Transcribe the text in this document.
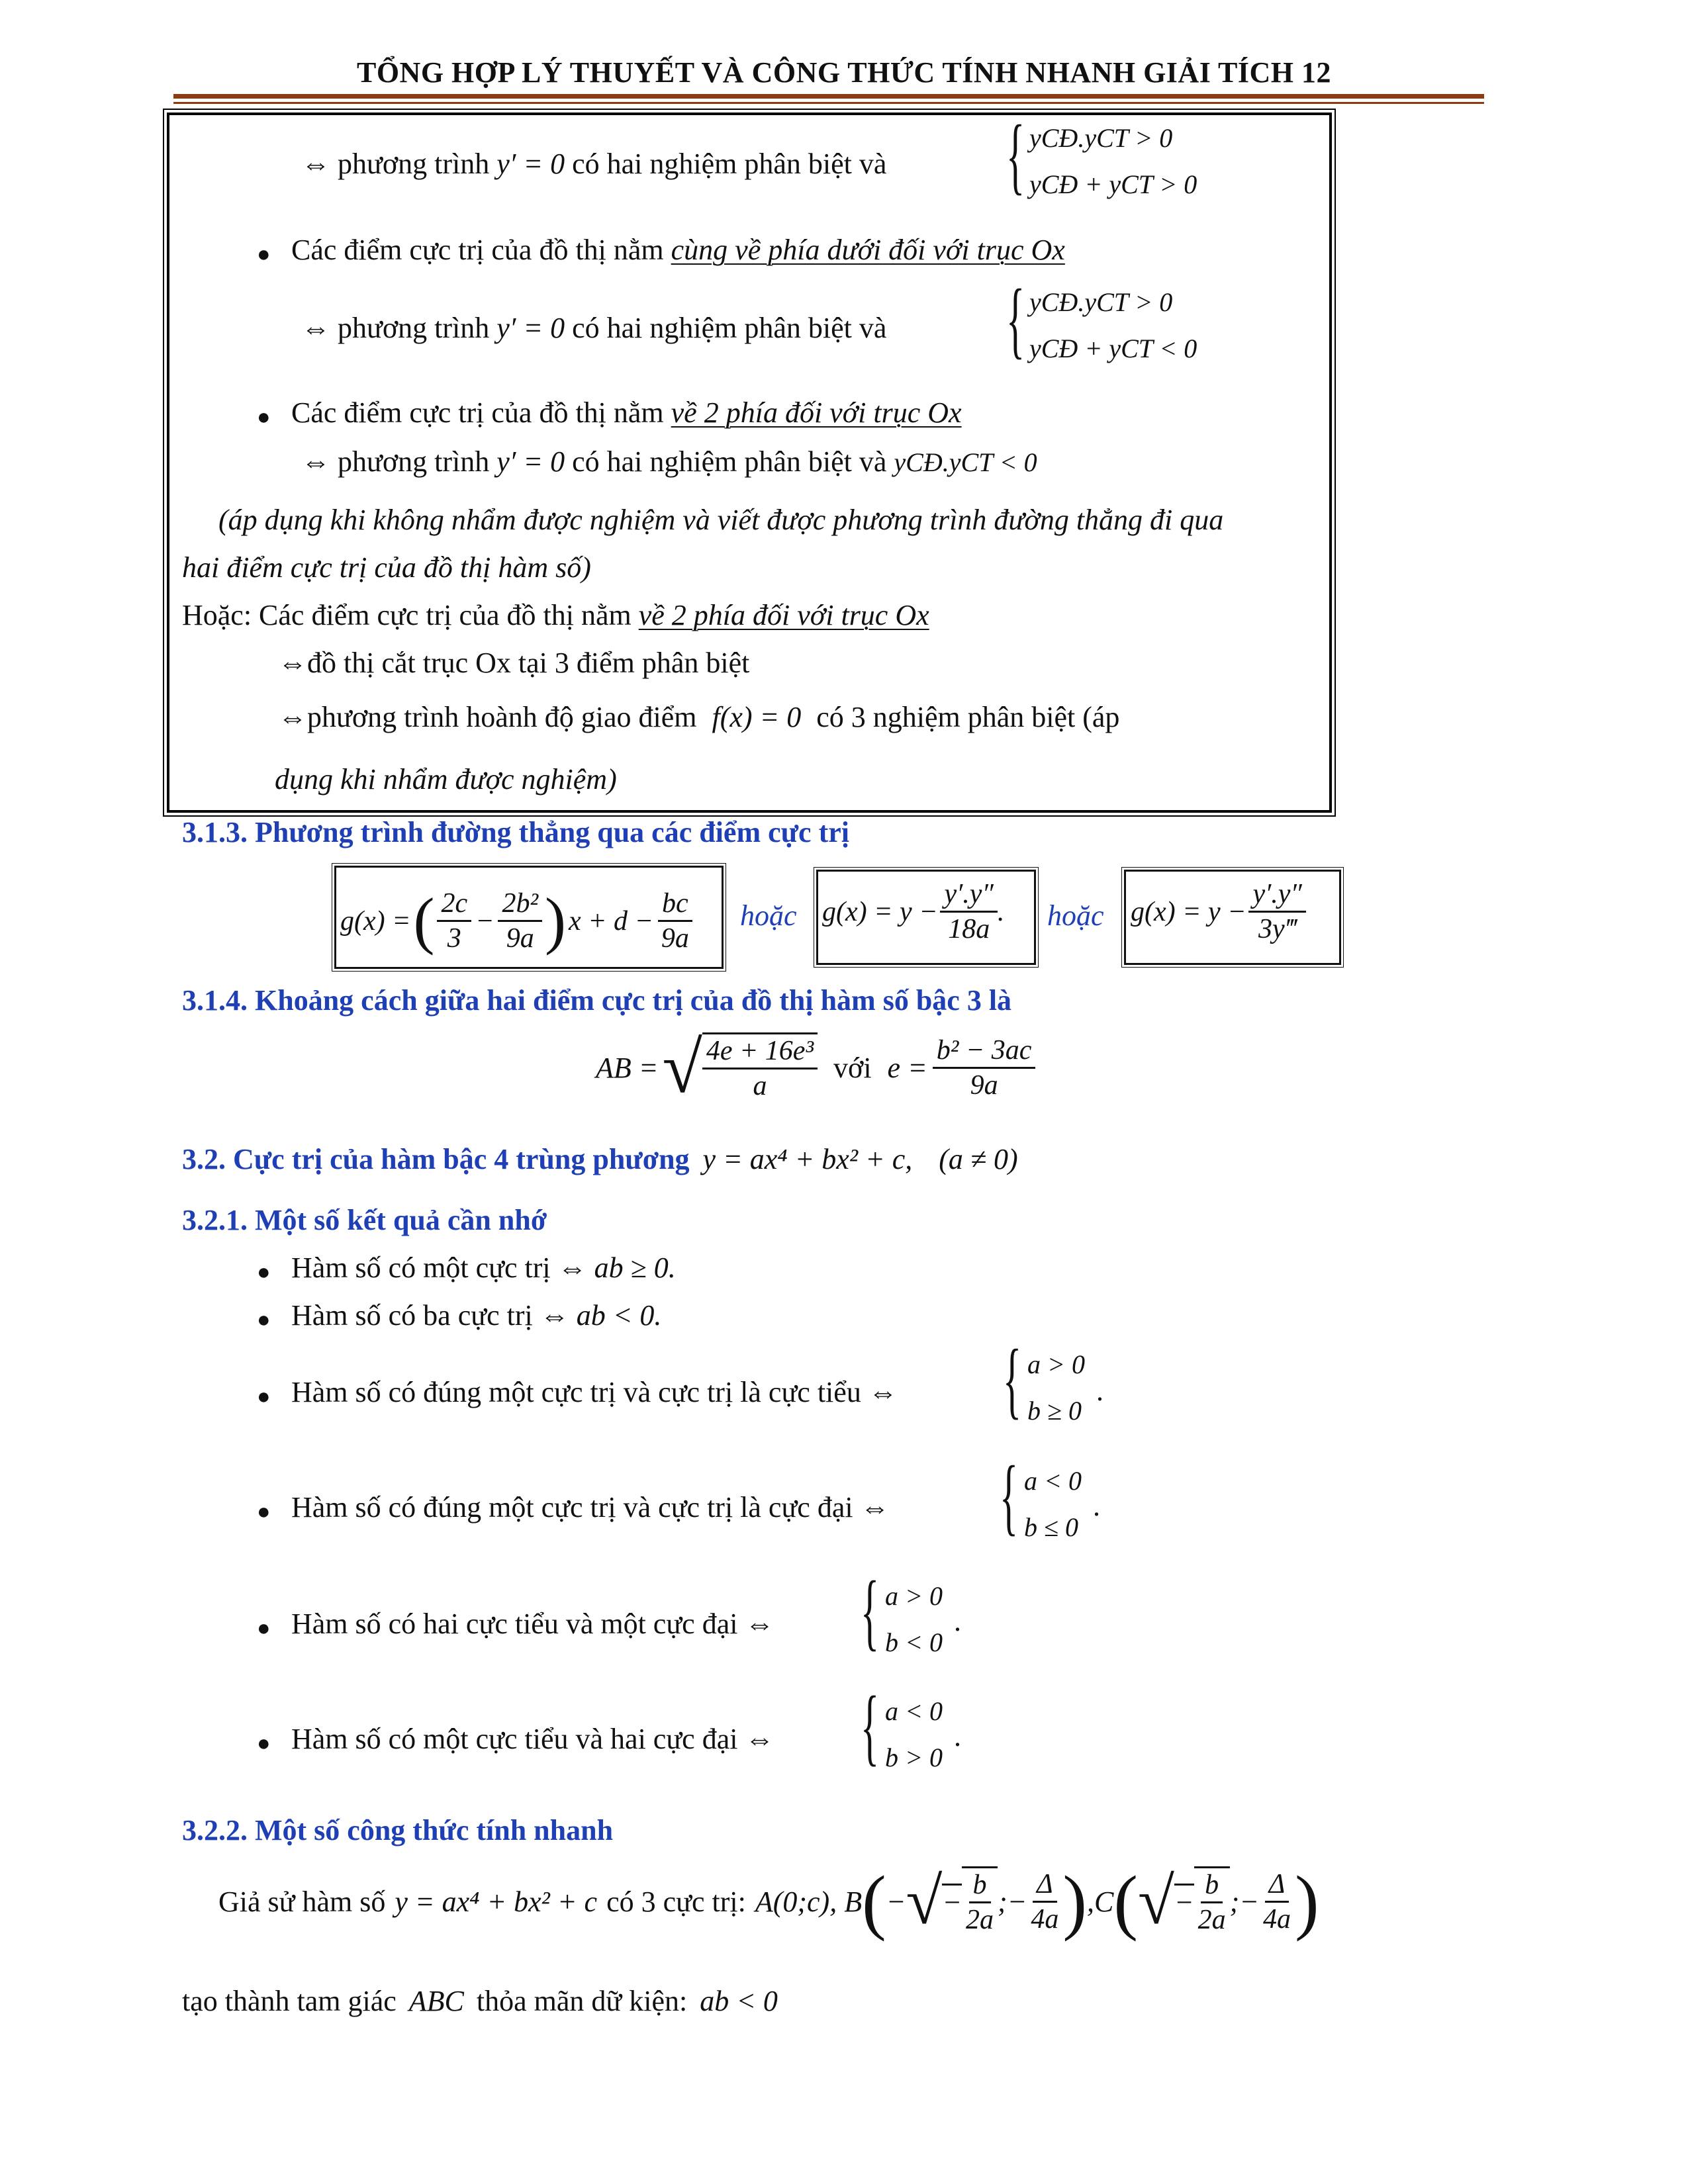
TỔNG HỢP LÝ THUYẾT VÀ CÔNG THỨC TÍNH NHANH GIẢI TÍCH 12
⇔ phương trình y′ = 0 có hai nghiệm phân biệt và { yCĐ.yCT > 0
yCĐ + yCT > 0
● Các điểm cực trị của đồ thị nằm cùng về phía dưới đối với trục Ox
⇔ phương trình y′ = 0 có hai nghiệm phân biệt và { yCĐ.yCT > 0
yCĐ + yCT < 0
● Các điểm cực trị của đồ thị nằm về 2 phía đối với trục Ox
⇔ phương trình y′ = 0 có hai nghiệm phân biệt và yCĐ.yCT < 0
(áp dụng khi không nhẩm được nghiệm và viết được phương trình đường thẳng đi qua
hai điểm cực trị của đồ thị hàm số)
Hoặc: Các điểm cực trị của đồ thị nằm về 2 phía đối với trục Ox
⇔đồ thị cắt trục Ox tại 3 điểm phân biệt
⇔phương trình hoành độ giao điểm f(x) = 0 có 3 nghiệm phân biệt (áp
dụng khi nhẩm được nghiệm)
3.1.3. Phương trình đường thẳng qua các điểm cực trị
g(x) = ( $\frac{2c}{3} - \frac{\text{2b²}}{9a}$ ) $x + d - \frac{bc}{9a}$ hoặc $g(x) = y - \frac{y'.y''}{18a}$ . hoặc $g(x) = y - \frac{y'.y''}{3y‴}$
3.1.4. Khoảng cách giữa hai điểm cực trị của đồ thị hàm số bậc 3 là
AB = √ $\frac{\text{4e + 16e³}}{a}$ với $e = \frac{\text{b² − 3ac}}{9a}$
3.2. Cực trị của hàm bậc 4 trùng phương y = ax⁴ + bx² + c, (a ≠ 0)
3.2.1. Một số kết quả cần nhớ
● Hàm số có một cực trị ⇔ ab ≥ 0.
● Hàm số có ba cực trị ⇔ ab < 0.
● Hàm số có đúng một cực trị và cực trị là cực tiểu ⇔ { a > 0
b ≥ 0
.
● Hàm số có đúng một cực trị và cực trị là cực đại ⇔ { a < 0
b ≤ 0
.
● Hàm số có hai cực tiểu và một cực đại ⇔ { a > 0
b < 0
.
● Hàm số có một cực tiểu và hai cực đại ⇔ { a < 0
b > 0
.
3.2.2. Một số công thức tính nhanh
Giả sử hàm số y = ax⁴ + bx² + c có 3 cực trị: A(0;c), B ( − √ − $\frac{b}{2a}$ ;− $\frac{\Delta}{4a}$ ) ,C ( √ − $\frac{b}{2a}$ ;− $\frac{\Delta}{4a}$ )
tạo thành tam giác ABC thỏa mãn dữ kiện: ab < 0
